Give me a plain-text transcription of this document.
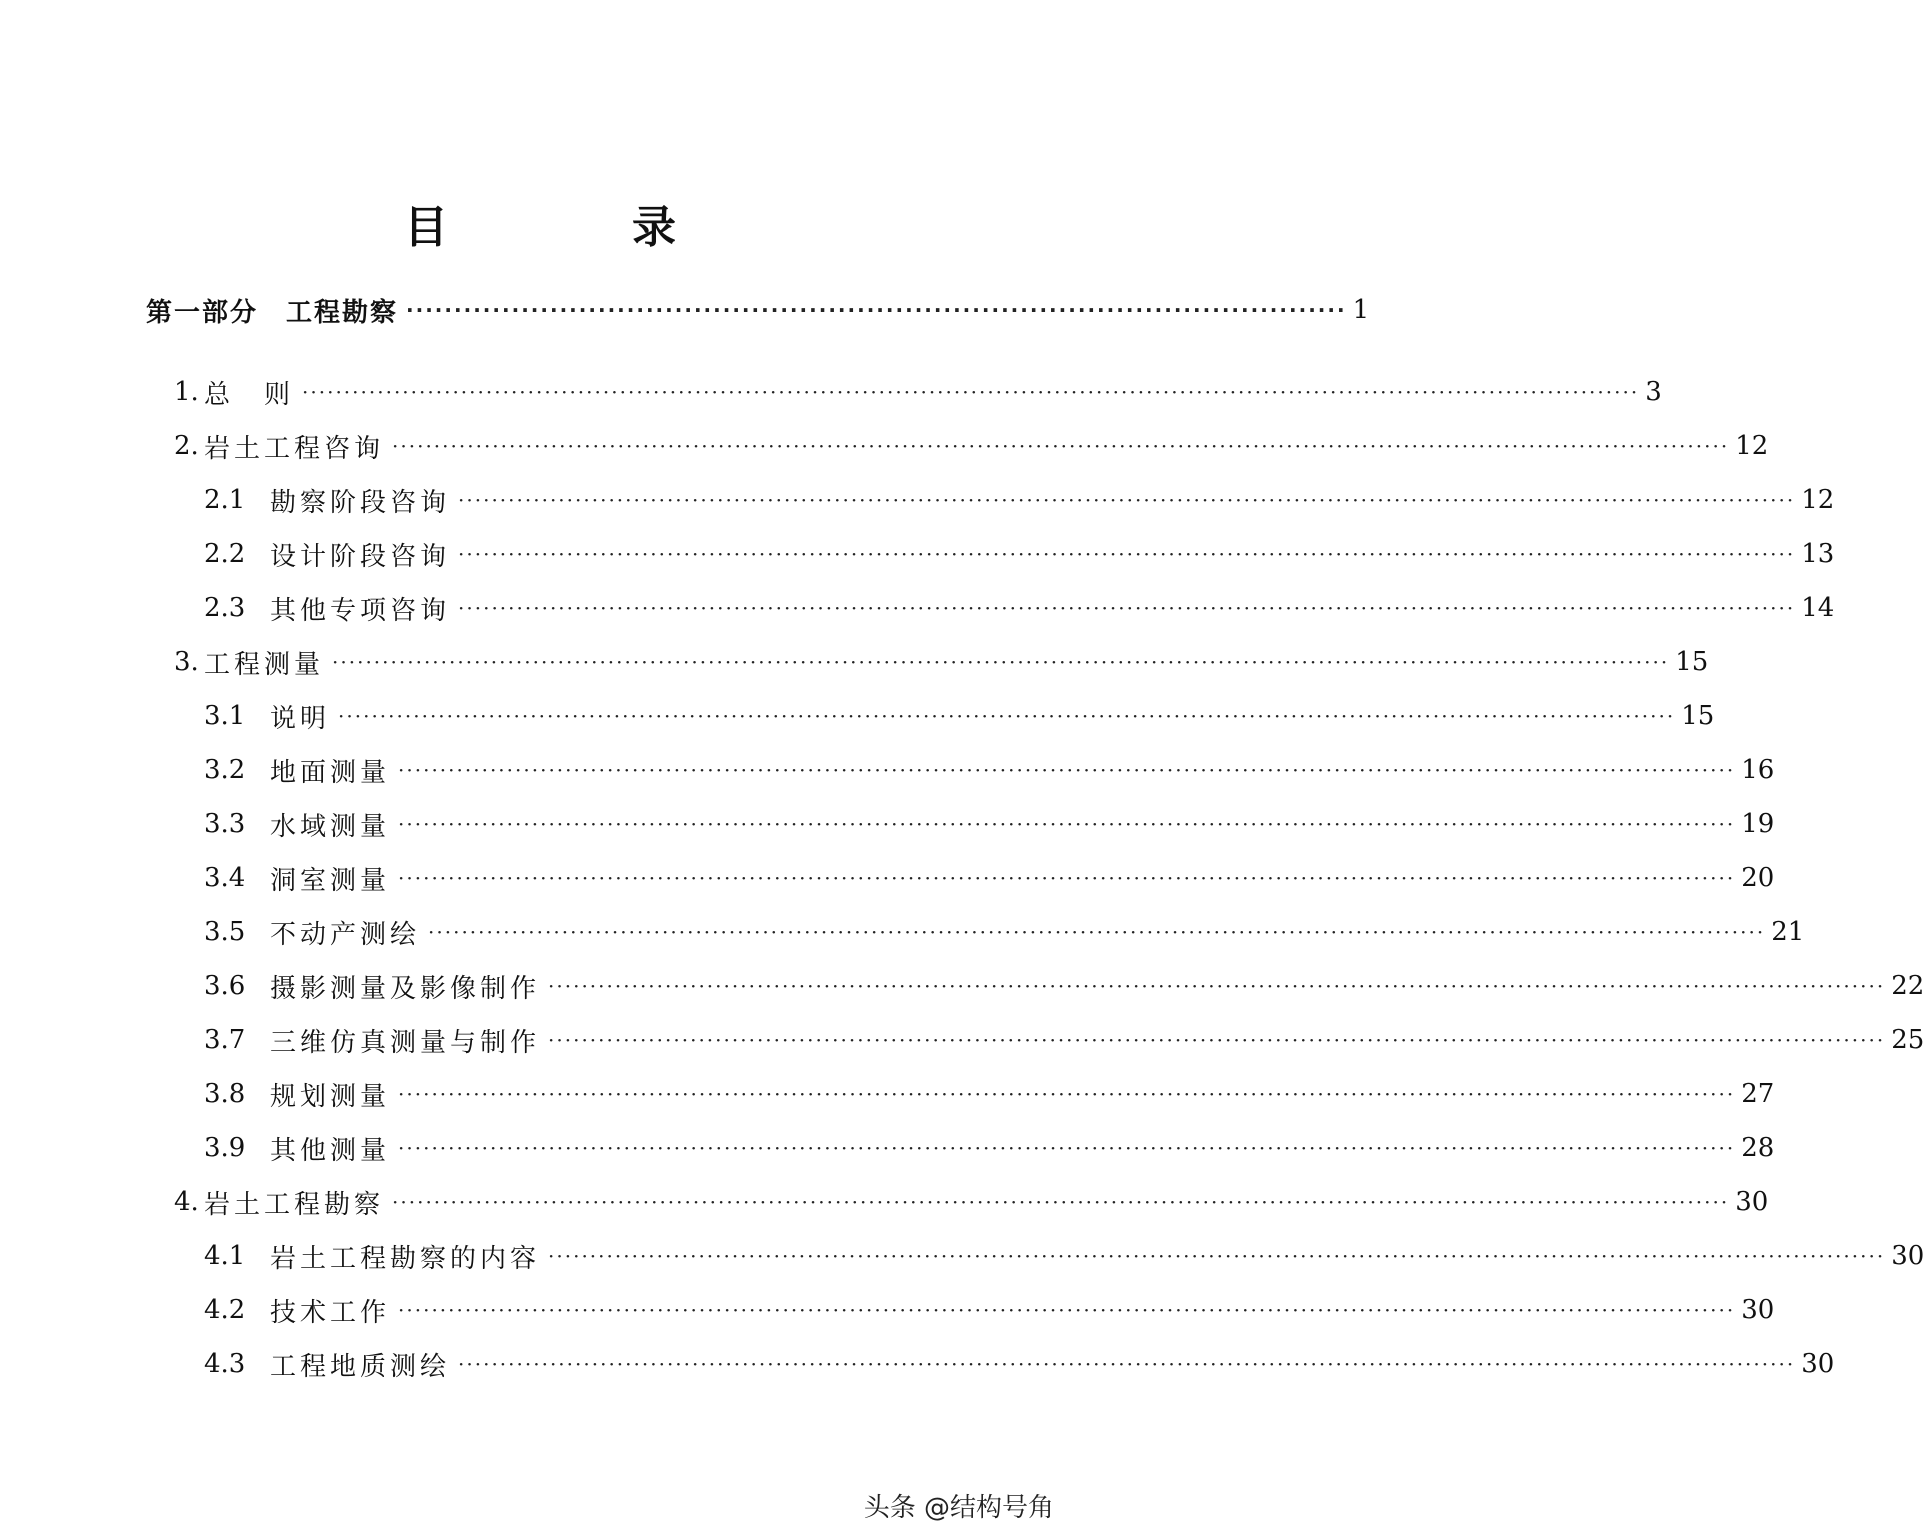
目　录
第一部分　工程勘察 ·································································································· 1
1. 总　则 ································································································································································ 3
2. 岩土工程咨询 ································································································································································ 12
2.1 勘察阶段咨询 ································································································································································ 12
2.2 设计阶段咨询 ································································································································································ 13
2.3 其他专项咨询 ································································································································································ 14
3. 工程测量 ································································································································································ 15
3.1 说明 ································································································································································ 15
3.2 地面测量 ································································································································································ 16
3.3 水域测量 ································································································································································ 19
3.4 洞室测量 ································································································································································ 20
3.5 不动产测绘 ································································································································································ 21
3.6 摄影测量及影像制作 ································································································································································ 22
3.7 三维仿真测量与制作 ································································································································································ 25
3.8 规划测量 ································································································································································ 27
3.9 其他测量 ································································································································································ 28
4. 岩土工程勘察 ································································································································································ 30
4.1 岩土工程勘察的内容 ································································································································································ 30
4.2 技术工作 ································································································································································ 30
4.3 工程地质测绘 ································································································································································ 30
头条 @结构号角
